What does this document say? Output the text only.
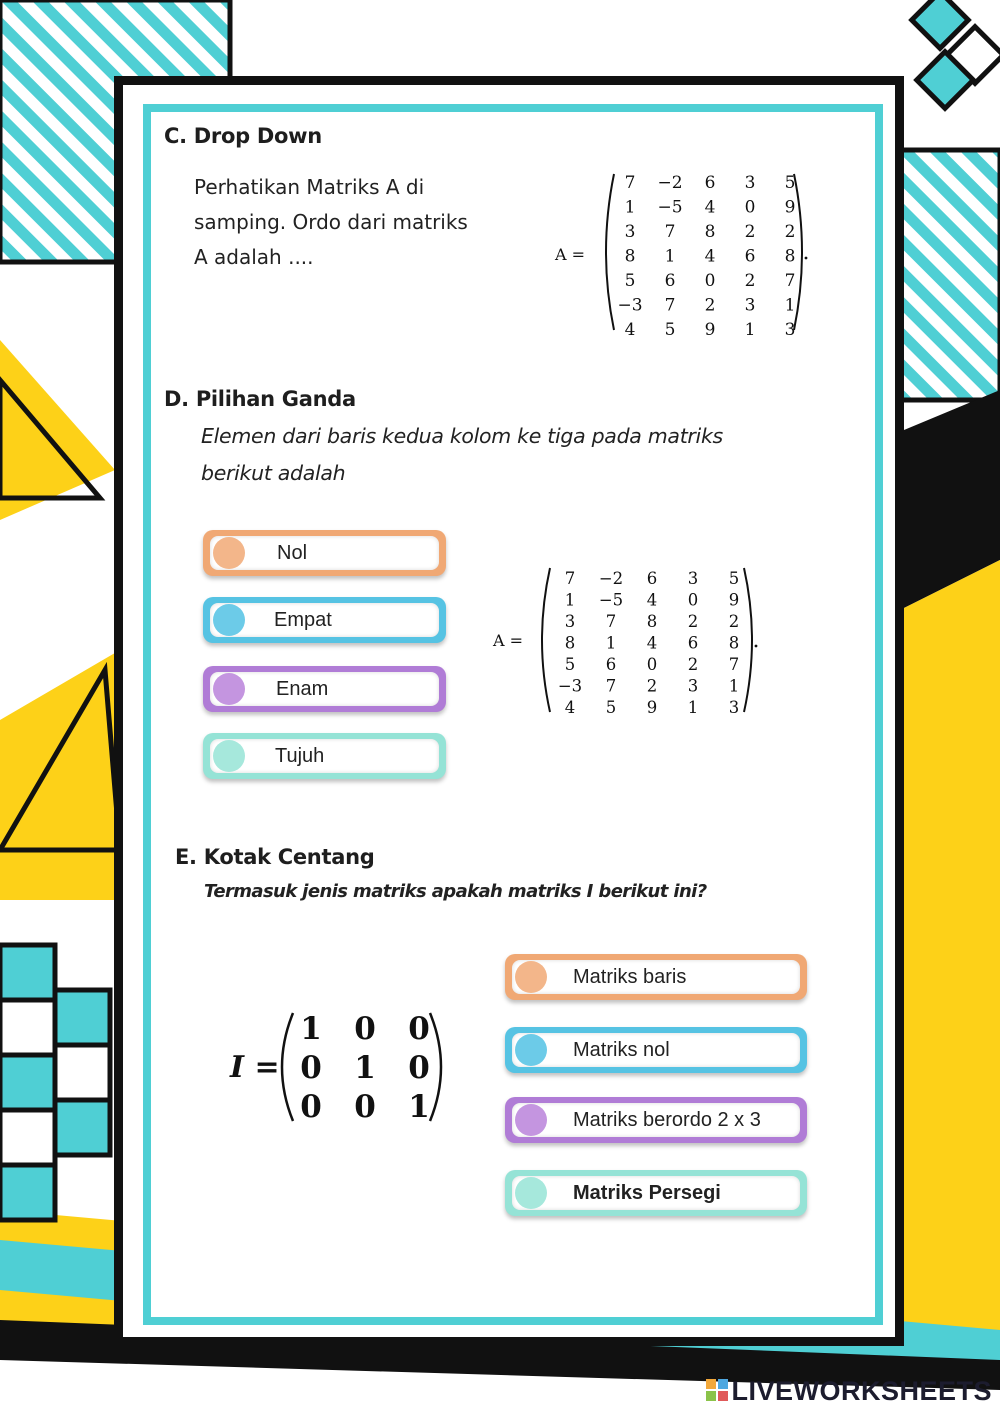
C. Drop Down
Perhatikan Matriks A di
samping. Ordo dari matriks
A adalah ....	A =
7 −2 6 3 5
1 −5 4 0 9
3 7 8 2 2
8 1 4 6 8
5 6 0 2 7
−3 7 2 3 1
4 5 9 1 3
D. Pilihan Ganda
Elemen dari baris kedua kolom ke tiga pada matriks
berikut adalah
Nol
Empat
Enam
Tujuh
A =
7 −2 6 3 5
1 −5 4 0 9
3 7 8 2 2
8 1 4 6 8
5 6 0 2 7
−3 7 2 3 1
4 5 9 1 3
E. Kotak Centang
Termasuk jenis matriks apakah matriks I berikut ini?
I =
1 0 0
0 1 0
0 0 1
Matriks baris
Matriks nol
Matriks berordo 2 x 3
Matriks Persegi
LIVEWORKSHEETS
